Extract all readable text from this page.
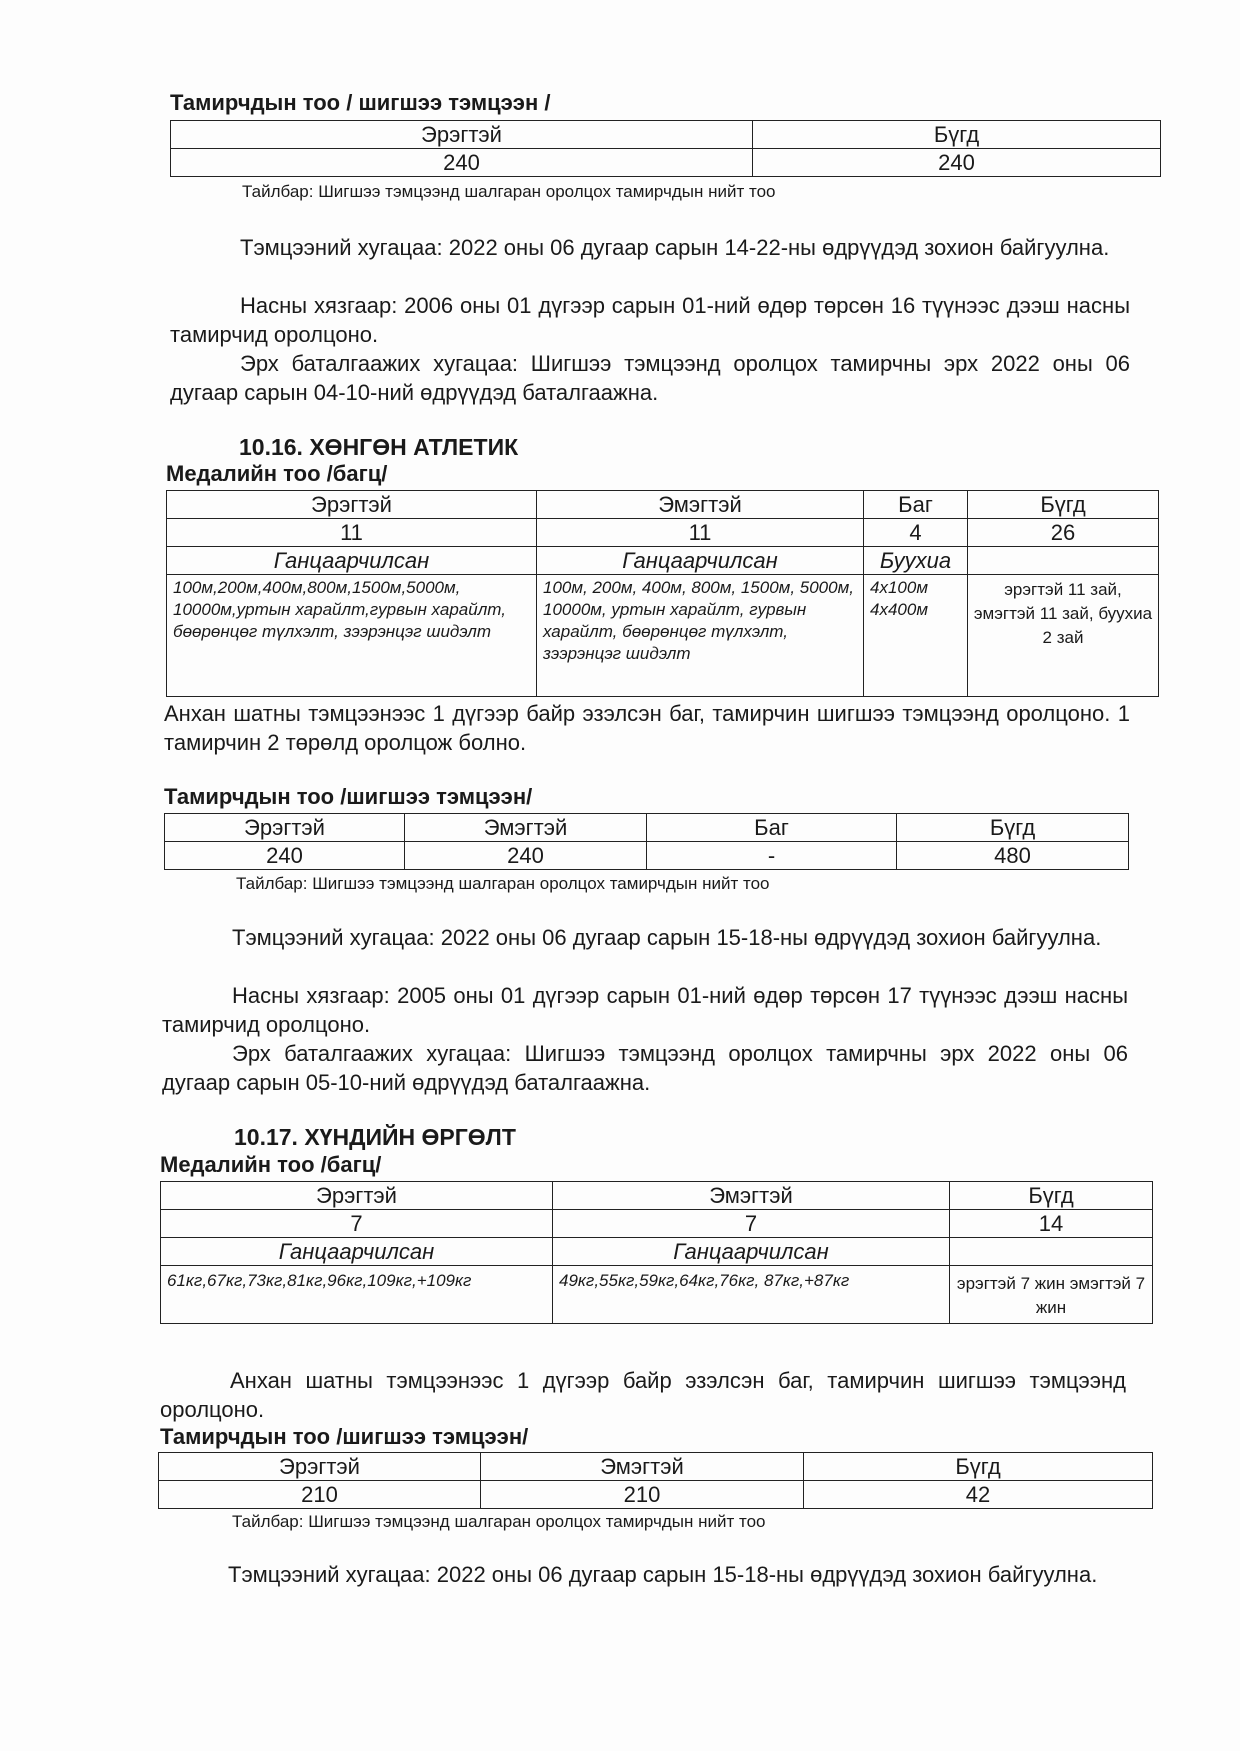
Тамирчдын тоо / шигшээ тэмцээн /
Эрэгтэй	Бүгд
240	240
Тайлбар: Шигшээ тэмцээнд шалгаран оролцох тамирчдын нийт тоо
Тэмцээний хугацаа: 2022 оны 06 дугаар сарын 14-22-ны өдрүүдэд зохион байгуулна.
Насны хязгаар: 2006 оны 01 дүгээр сарын 01-ний өдөр төрсөн 16 түүнээс дээш насны тамирчид оролцоно.
Эрх баталгаажих хугацаа: Шигшээ тэмцээнд оролцох тамирчны эрх 2022 оны 06 дугаар сарын 04-10-ний өдрүүдэд баталгаажна.
10.16. ХӨНГӨН АТЛЕТИК
Медалийн тоо /багц/
Эрэгтэй	Эмэгтэй	Баг	Бүгд
11	11	4	26
Ганцаарчилсан	Ганцаарчилсан	Буухиа	
100м,200м,400м,800м,1500м,5000м, 10000м,уртын харайлт,гурвын харайлт, бөөрөнцөг түлхэлт, зээрэнцэг шидэлт	100м, 200м, 400м, 800м, 1500м, 5000м, 10000м, уртын харайлт, гурвын харайлт, бөөрөнцөг түлхэлт, зээрэнцэг шидэлт	4x100м 4x400м	эрэгтэй 11 зай, эмэгтэй 11 зай, буухиа 2 зай
Анхан шатны тэмцээнээс 1 дүгээр байр эзэлсэн баг, тамирчин шигшээ тэмцээнд оролцоно. 1 тамирчин 2 төрөлд оролцож болно.
Тамирчдын тоо /шигшээ тэмцээн/
Эрэгтэй	Эмэгтэй	Баг	Бүгд
240	240	-	480
Тайлбар: Шигшээ тэмцээнд шалгаран оролцох тамирчдын нийт тоо
Тэмцээний хугацаа: 2022 оны 06 дугаар сарын 15-18-ны өдрүүдэд зохион байгуулна.
Насны хязгаар: 2005 оны 01 дүгээр сарын 01-ний өдөр төрсөн 17 түүнээс дээш насны тамирчид оролцоно.
Эрх баталгаажих хугацаа: Шигшээ тэмцээнд оролцох тамирчны эрх 2022 оны 06 дугаар сарын 05-10-ний өдрүүдэд баталгаажна.
10.17. ХҮНДИЙН ӨРГӨЛТ
Медалийн тоо /багц/
Эрэгтэй	Эмэгтэй	Бүгд
7	7	14
Ганцаарчилсан	Ганцаарчилсан	
61кг,67кг,73кг,81кг,96кг,109кг,+109кг	49кг,55кг,59кг,64кг,76кг, 87кг,+87кг	эрэгтэй 7 жин эмэгтэй 7 жин
Анхан шатны тэмцээнээс 1 дүгээр байр эзэлсэн баг, тамирчин шигшээ тэмцээнд оролцоно.
Тамирчдын тоо /шигшээ тэмцээн/
Эрэгтэй	Эмэгтэй	Бүгд
210	210	42
Тайлбар: Шигшээ тэмцээнд шалгаран оролцох тамирчдын нийт тоо
Тэмцээний хугацаа: 2022 оны 06 дугаар сарын 15-18-ны өдрүүдэд зохион байгуулна.
